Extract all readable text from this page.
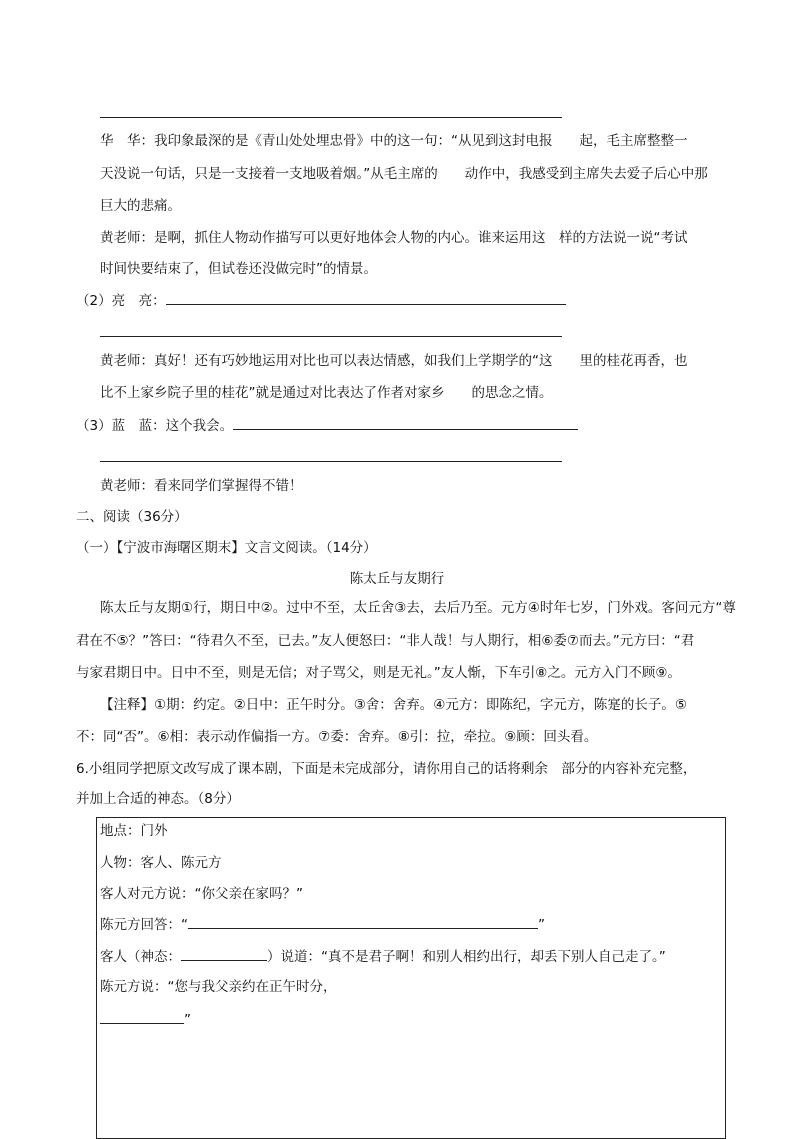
华　华：我印象最深的是《青山处处埋忠骨》中的这一句：“从见到这封电报　　起，毛主席整整一
天没说一句话，只是一支接着一支地吸着烟。”从毛主席的　　动作中，我感受到主席失去爱子后心中那
巨大的悲痛。
黄老师：是啊，抓住人物动作描写可以更好地体会人物的内心。谁来运用这　样的方法说一说“考试
时间快要结束了，但试卷还没做完时”的情景。
（2）亮　亮：
黄老师：真好！还有巧妙地运用对比也可以表达情感，如我们上学期学的“这　　里的桂花再香，也
比不上家乡院子里的桂花”就是通过对比表达了作者对家乡　　的思念之情。
（3）蓝　蓝：这个我会。
黄老师：看来同学们掌握得不错！
二、阅读（36分）
（一）【宁波市海曙区期末】文言文阅读。（14分）
陈太丘与友期行
陈太丘与友期①行，期日中②。过中不至，太丘舍③去，去后乃至。元方④时年七岁，门外戏。客问元方“尊
君在不⑤？”答曰：“待君久不至，已去。”友人便怒曰：“非人哉！与人期行，相⑥委⑦而去。”元方曰：“君
与家君期日中。日中不至，则是无信；对子骂父，则是无礼。”友人惭，下车引⑧之。元方入门不顾⑨。
【注释】①期：约定。②日中：正午时分。③舍：舍弃。④元方：即陈纪，字元方，陈寔的长子。⑤
不：同“否”。⑥相：表示动作偏指一方。⑦委：舍弃。⑧引：拉，牵拉。⑨顾：回头看。
6.小组同学把原文改写成了课本剧，下面是未完成部分，请你用自己的话将剩余　部分的内容补充完整，
并加上合适的神态。（8分）
地点：门外
人物：客人、陈元方
客人对元方说：“你父亲在家吗？”
陈元方回答：“	”
客人（神态：	）说道：“真不是君子啊！和别人相约出行，却丢下别人自己走了。”
陈元方说：“您与我父亲约在正午时分，
”
